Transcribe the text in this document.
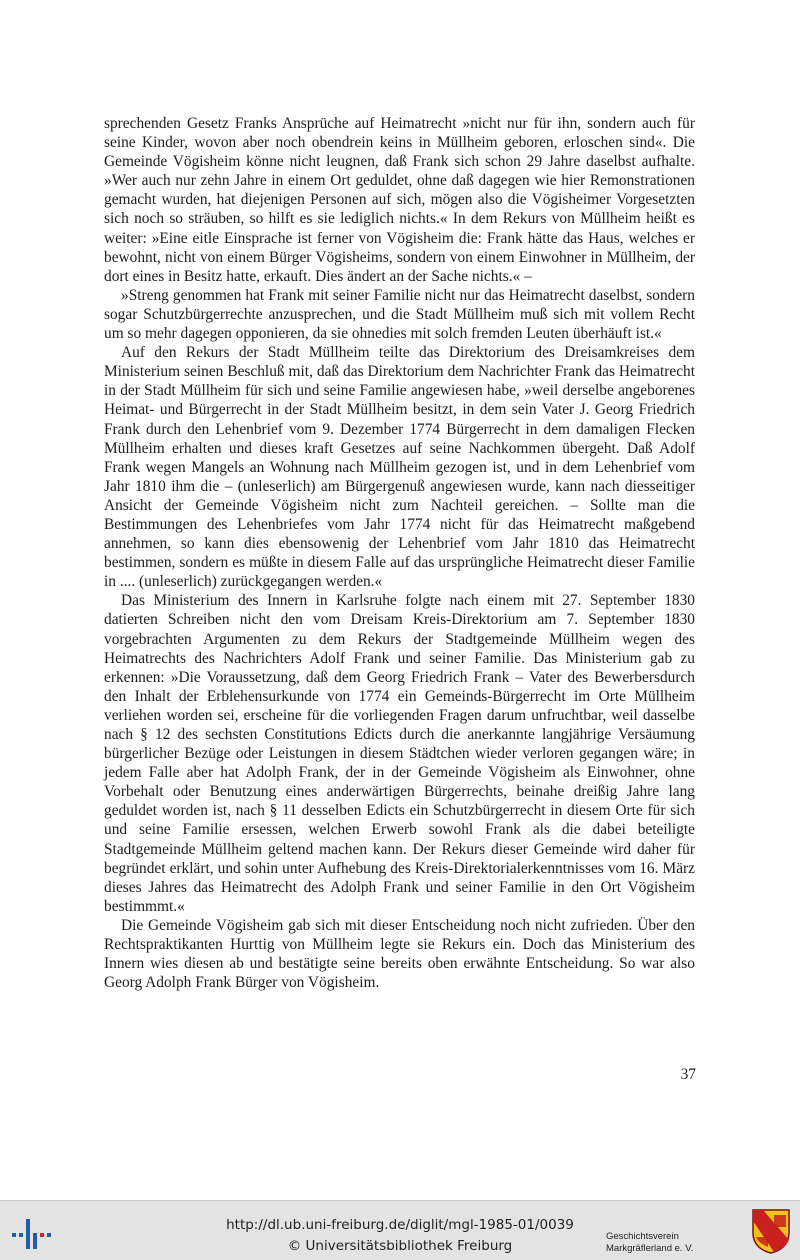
sprechenden Gesetz Franks Ansprüche auf Heimatrecht »nicht nur für ihn, sondern auch für seine Kinder, wovon aber noch obendrein keins in Müllheim geboren, erloschen sind«. Die Gemeinde Vögisheim könne nicht leugnen, daß Frank sich schon 29 Jahre daselbst aufhalte. »Wer auch nur zehn Jahre in einem Ort geduldet, ohne daß dagegen wie hier Remonstrationen gemacht wurden, hat diejenigen Personen auf sich, mögen also die Vögisheimer Vorgesetzten sich noch so sträuben, so hilft es sie lediglich nichts.« In dem Rekurs von Müllheim heißt es weiter: »Eine eitle Einsprache ist ferner von Vögisheim die: Frank hätte das Haus, welches er bewohnt, nicht von einem Bürger Vögisheims, sondern von einem Einwohner in Müllheim, der dort eines in Besitz hatte, erkauft. Dies ändert an der Sache nichts.« –

»Streng genommen hat Frank mit seiner Familie nicht nur das Heimatrecht daselbst, sondern sogar Schutzbürgerrechte anzusprechen, und die Stadt Müllheim muß sich mit vollem Recht um so mehr dagegen opponieren, da sie ohnedies mit solch fremden Leuten überhäuft ist.«

Auf den Rekurs der Stadt Müllheim teilte das Direktorium des Dreisamkreises dem Ministerium seinen Beschluß mit, daß das Direktorium dem Nachrichter Frank das Heimatrecht in der Stadt Müllheim für sich und seine Familie angewiesen habe, »weil derselbe angeborenes Heimat- und Bürgerrecht in der Stadt Müllheim besitzt, in dem sein Vater J. Georg Friedrich Frank durch den Lehenbrief vom 9. Dezember 1774 Bürgerrecht in dem damaligen Flecken Müllheim erhalten und dieses kraft Gesetzes auf seine Nachkommen übergeht. Daß Adolf Frank wegen Mangels an Wohnung nach Müllheim gezogen ist, und in dem Lehenbrief vom Jahr 1810 ihm die – (unleserlich) am Bürgergenuß angewiesen wurde, kann nach diesseitiger Ansicht der Gemeinde Vögisheim nicht zum Nachteil gereichen. – Sollte man die Bestimmungen des Lehenbriefes vom Jahr 1774 nicht für das Heimatrecht maßgebend annehmen, so kann dies ebensowenig der Lehenbrief vom Jahr 1810 das Heimatrecht bestimmen, sondern es müßte in diesem Falle auf das ursprüngliche Heimatrecht dieser Familie in .... (unleserlich) zurückgegangen werden.«

Das Ministerium des Innern in Karlsruhe folgte nach einem mit 27. September 1830 datierten Schreiben nicht den vom Dreisam Kreis-Direktorium am 7. September 1830 vorgebrachten Argumenten zu dem Rekurs der Stadtgemeinde Müllheim wegen des Heimatrechts des Nachrichters Adolf Frank und seiner Familie. Das Ministerium gab zu erkennen: »Die Voraussetzung, daß dem Georg Friedrich Frank – Vater des Bewerbersdurch den Inhalt der Erblehensurkunde von 1774 ein Gemeinds-Bürgerrecht im Orte Müllheim verliehen worden sei, erscheine für die vorliegenden Fragen darum unfruchtbar, weil dasselbe nach § 12 des sechsten Constitutions Edicts durch die anerkannte langjährige Versäumung bürgerlicher Bezüge oder Leistungen in diesem Städtchen wieder verloren gegangen wäre; in jedem Falle aber hat Adolph Frank, der in der Gemeinde Vögisheim als Einwohner, ohne Vorbehalt oder Benutzung eines anderwärtigen Bürgerrechts, beinahe dreißig Jahre lang geduldet worden ist, nach § 11 desselben Edicts ein Schutzbürgerrecht in diesem Orte für sich und seine Familie ersessen, welchen Erwerb sowohl Frank als die dabei beteiligte Stadtgemeinde Müllheim geltend machen kann. Der Rekurs dieser Gemeinde wird daher für begründet erklärt, und sohin unter Aufhebung des Kreis-Direktorialerkenntnisses vom 16. März dieses Jahres das Heimatrecht des Adolph Frank und seiner Familie in den Ort Vögisheim bestimmmt.«

Die Gemeinde Vögisheim gab sich mit dieser Entscheidung noch nicht zufrieden. Über den Rechtspraktikanten Hurttig von Müllheim legte sie Rekurs ein. Doch das Ministerium des Innern wies diesen ab und bestätigte seine bereits oben erwähnte Entscheidung. So war also Georg Adolph Frank Bürger von Vögisheim.

37
http://dl.ub.uni-freiburg.de/diglit/mgl-1985-01/0039
© Universitätsbibliothek Freiburg
Geschichtsverein
Markgräflerland e. V.
